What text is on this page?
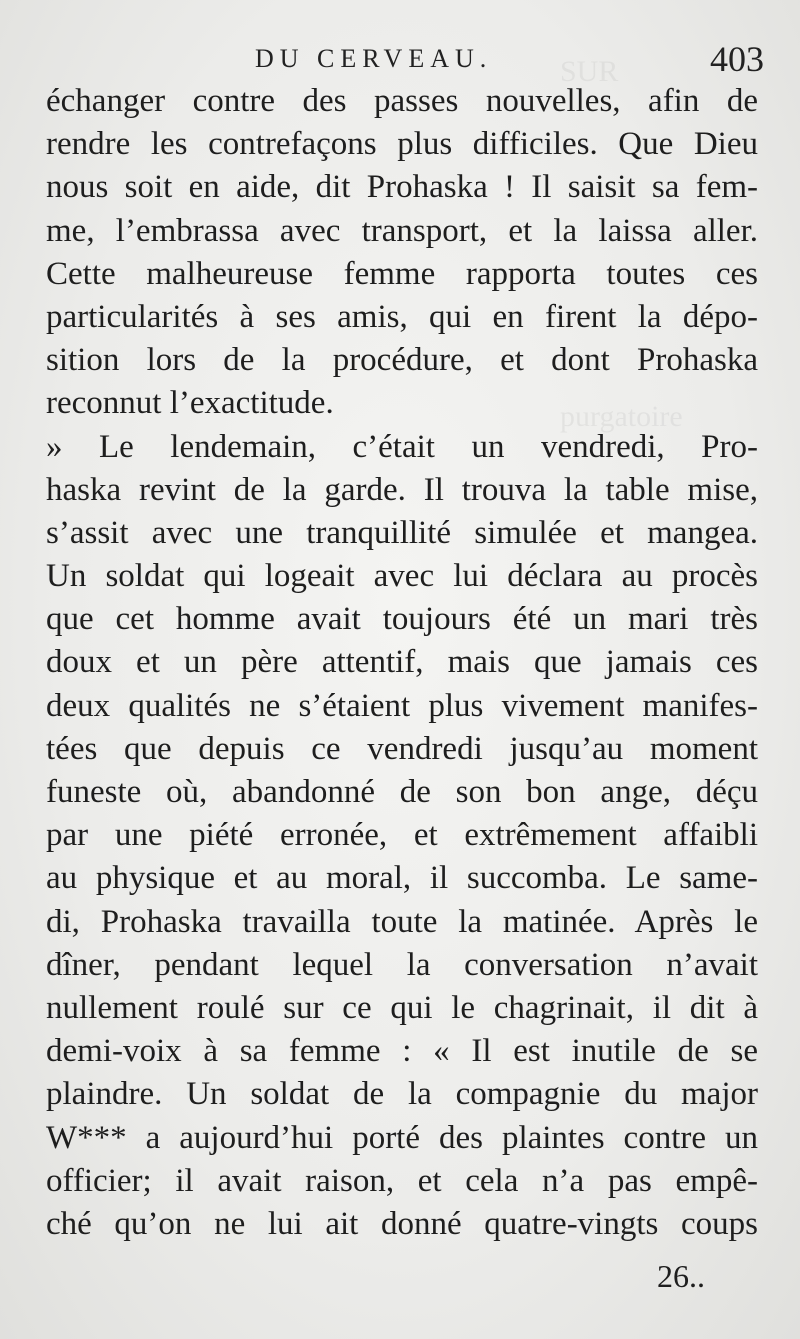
SUR
purgatoire
DU CERVEAU.	403
échanger contre des passes nouvelles, afin de
rendre les contrefaçons plus difficiles. Que Dieu
nous soit en aide, dit Prohaska ! Il saisit sa fem-
me, l’embrassa avec transport, et la laissa aller.
Cette malheureuse femme rapporta toutes ces
particularités à ses amis, qui en firent la dépo-
sition lors de la procédure, et dont Prohaska
reconnut l’exactitude.
» Le lendemain, c’était un vendredi, Pro-
haska revint de la garde. Il trouva la table mise,
s’assit avec une tranquillité simulée et mangea.
Un soldat qui logeait avec lui déclara au procès
que cet homme avait toujours été un mari très
doux et un père attentif, mais que jamais ces
deux qualités ne s’étaient plus vivement manifes-
tées que depuis ce vendredi jusqu’au moment
funeste où, abandonné de son bon ange, déçu
par une piété erronée, et extrêmement affaibli
au physique et au moral, il succomba. Le same-
di, Prohaska travailla toute la matinée. Après le
dîner, pendant lequel la conversation n’avait
nullement roulé sur ce qui le chagrinait, il dit à
demi-voix à sa femme : « Il est inutile de se
plaindre. Un soldat de la compagnie du major
W*** a aujourd’hui porté des plaintes contre un
officier; il avait raison, et cela n’a pas empê-
ché qu’on ne lui ait donné quatre-vingts coups
26..
